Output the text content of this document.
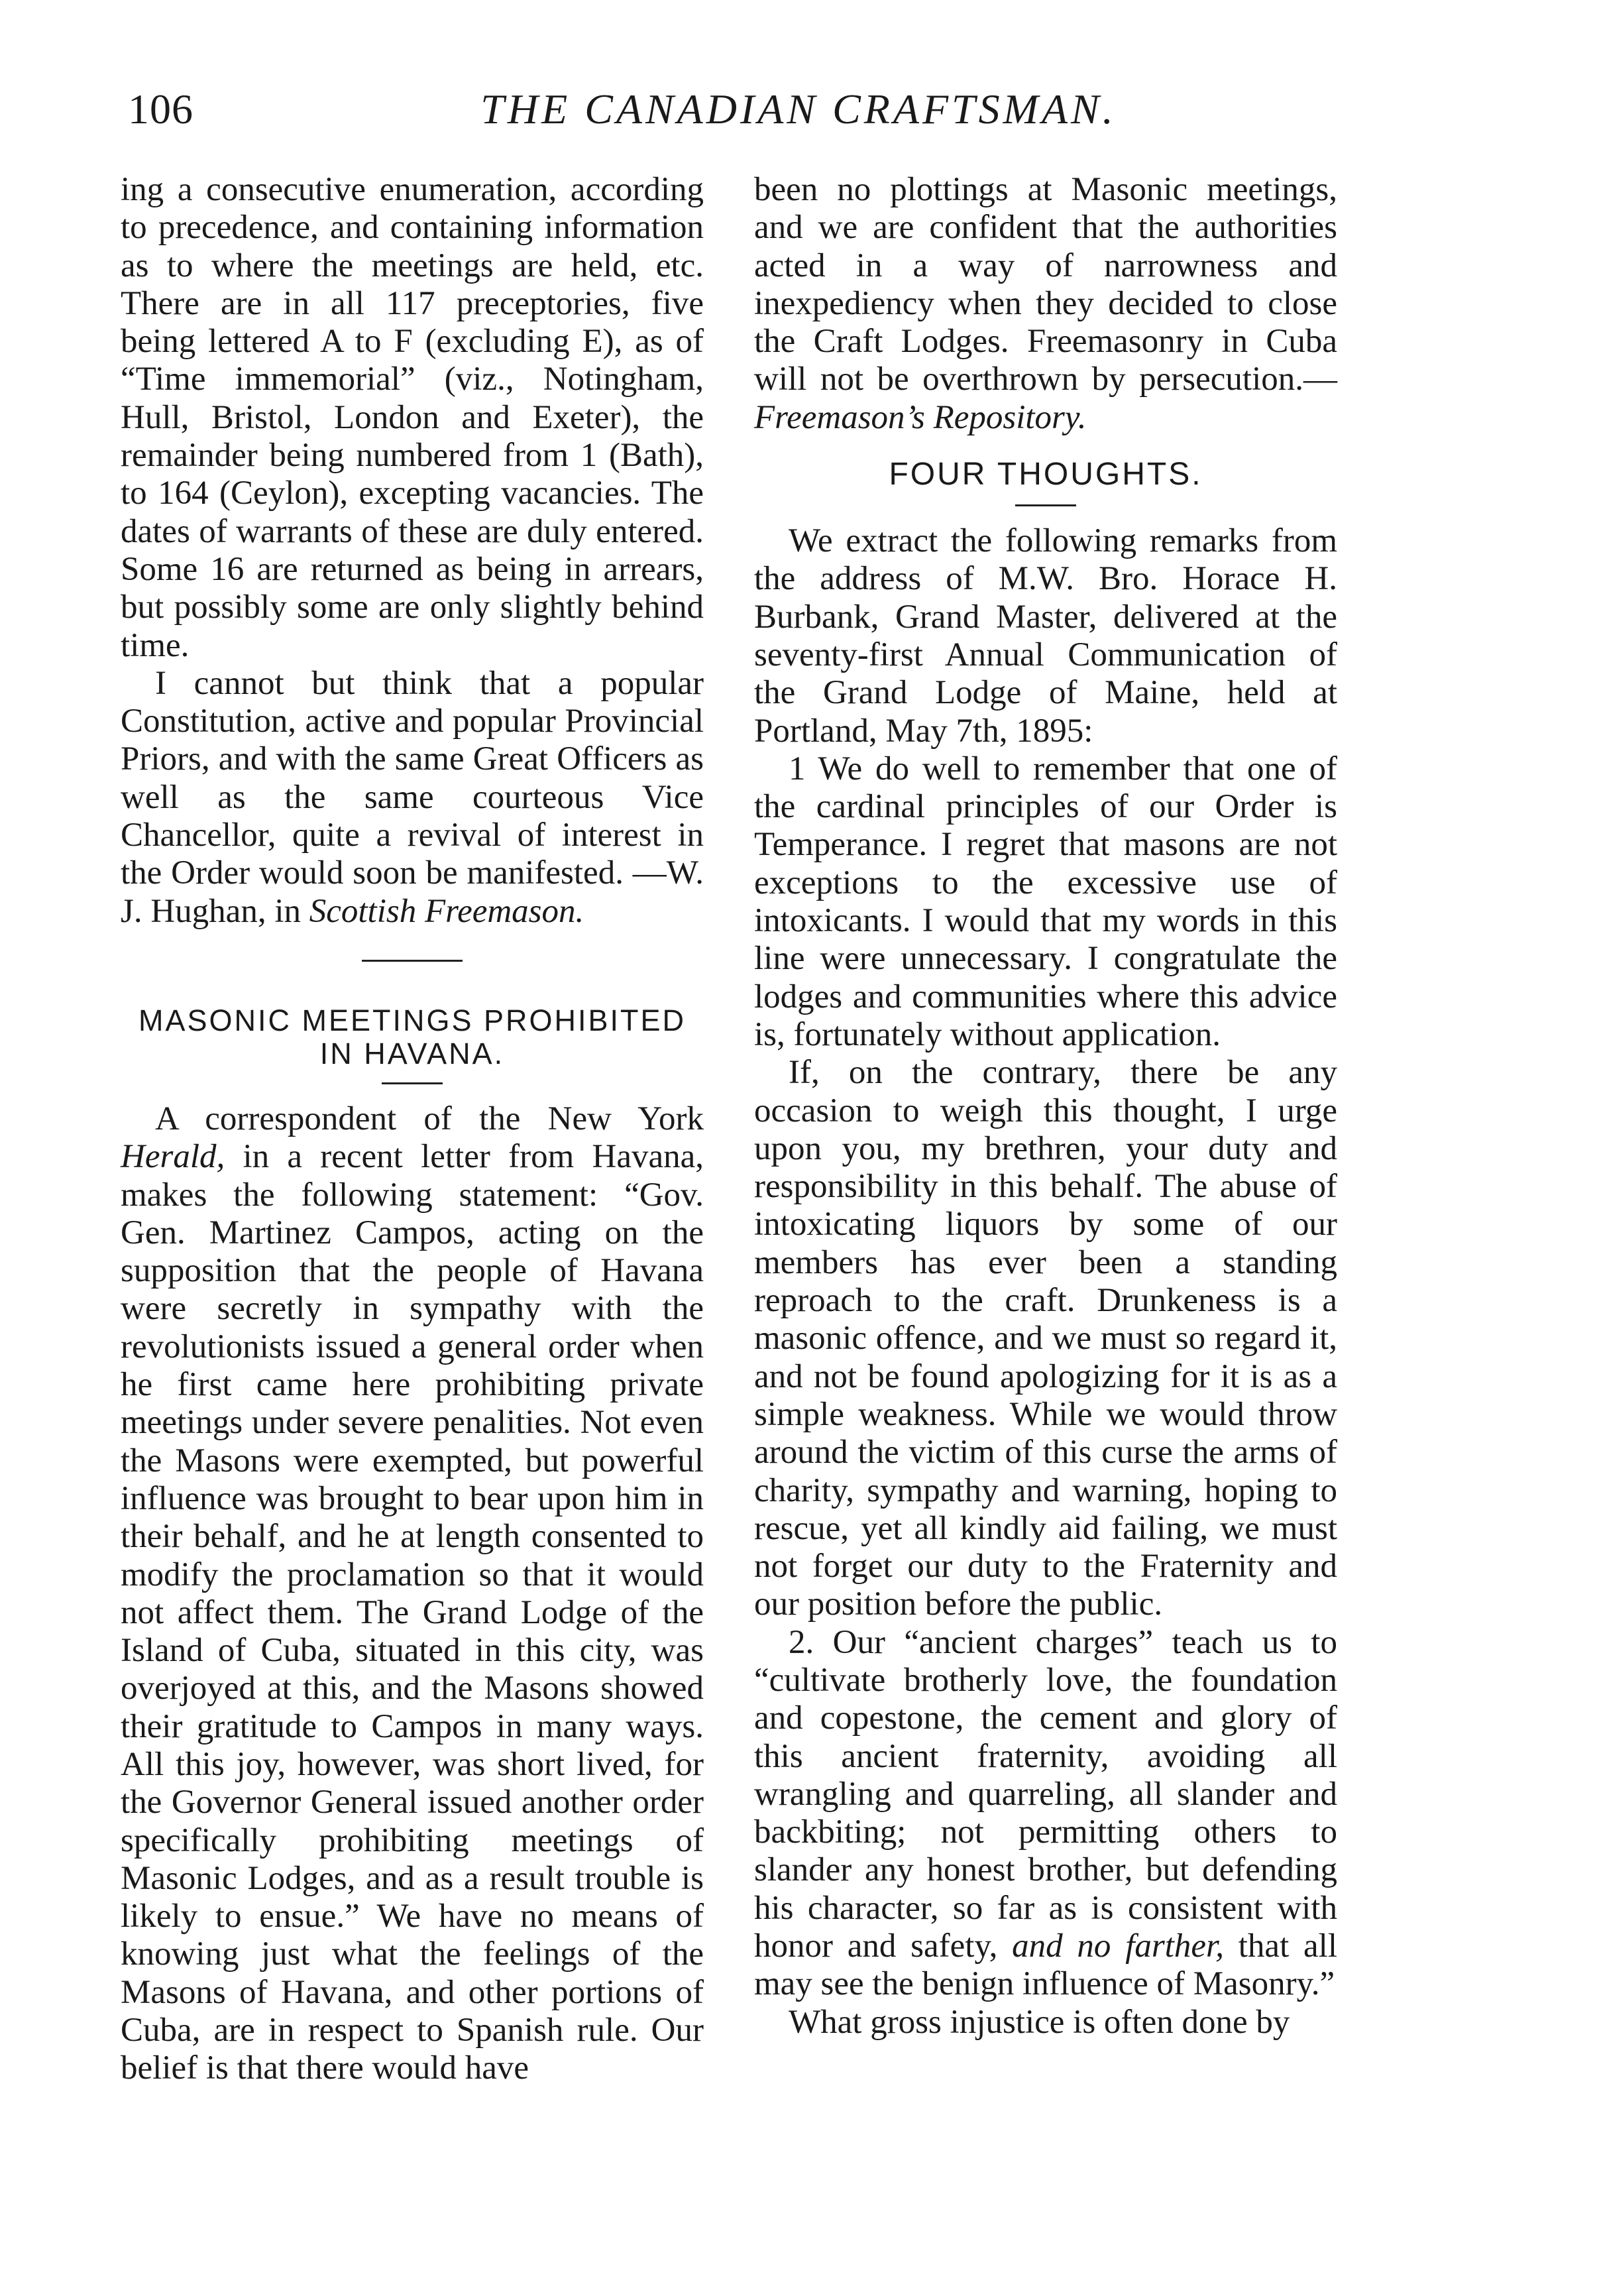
106	THE CANADIAN CRAFTSMAN.

ing a consecutive enumeration, according to precedence, and containing information as to where the meetings are held, etc. There are in all 117 preceptories, five being lettered A to F (excluding E), as of “Time immemorial” (viz., Notingham, Hull, Bristol, London and Exeter), the remainder being numbered from 1 (Bath), to 164 (Ceylon), excepting vacancies. The dates of warrants of these are duly entered. Some 16 are returned as being in arrears, but possibly some are only slightly behind time.

I cannot but think that a popular Constitution, active and popular Provincial Priors, and with the same Great Officers as well as the same courteous Vice Chancellor, quite a revival of interest in the Order would soon be manifested. —W. J. Hughan, in Scottish Freemason.

MASONIC MEETINGS PROHIBITED IN HAVANA.

A correspondent of the New York Herald, in a recent letter from Havana, makes the following statement: “Gov. Gen. Martinez Campos, acting on the supposition that the people of Havana were secretly in sympathy with the revolutionists issued a general order when he first came here prohibiting private meetings under severe penalities. Not even the Masons were exempted, but powerful influence was brought to bear upon him in their behalf, and he at length consented to modify the proclamation so that it would not affect them. The Grand Lodge of the Island of Cuba, situated in this city, was overjoyed at this, and the Masons showed their gratitude to Campos in many ways. All this joy, however, was short lived, for the Governor General issued another order specifically prohibiting meetings of Masonic Lodges, and as a result trouble is likely to ensue.” We have no means of knowing just what the feelings of the Masons of Havana, and other portions of Cuba, are in respect to Spanish rule. Our belief is that there would have

been no plottings at Masonic meetings, and we are confident that the authorities acted in a way of narrowness and inexpediency when they decided to close the Craft Lodges. Freemasonry in Cuba will not be overthrown by persecution.—Freemason’s Repository.

FOUR THOUGHTS.

We extract the following remarks from the address of M.W. Bro. Horace H. Burbank, Grand Master, delivered at the seventy-first Annual Communication of the Grand Lodge of Maine, held at Portland, May 7th, 1895:

1 We do well to remember that one of the cardinal principles of our Order is Temperance. I regret that masons are not exceptions to the excessive use of intoxicants. I would that my words in this line were unnecessary. I congratulate the lodges and communities where this advice is, fortunately without application.

If, on the contrary, there be any occasion to weigh this thought, I urge upon you, my brethren, your duty and responsibility in this behalf. The abuse of intoxicating liquors by some of our members has ever been a standing reproach to the craft. Drunkeness is a masonic offence, and we must so regard it, and not be found apologizing for it is as a simple weakness. While we would throw around the victim of this curse the arms of charity, sympathy and warning, hoping to rescue, yet all kindly aid failing, we must not forget our duty to the Fraternity and our position before the public.

2. Our “ancient charges” teach us to “cultivate brotherly love, the foundation and copestone, the cement and glory of this ancient fraternity, avoiding all wrangling and quarreling, all slander and backbiting; not permitting others to slander any honest brother, but defending his character, so far as is consistent with honor and safety, and no farther, that all may see the benign influence of Masonry.”

What gross injustice is often done by
